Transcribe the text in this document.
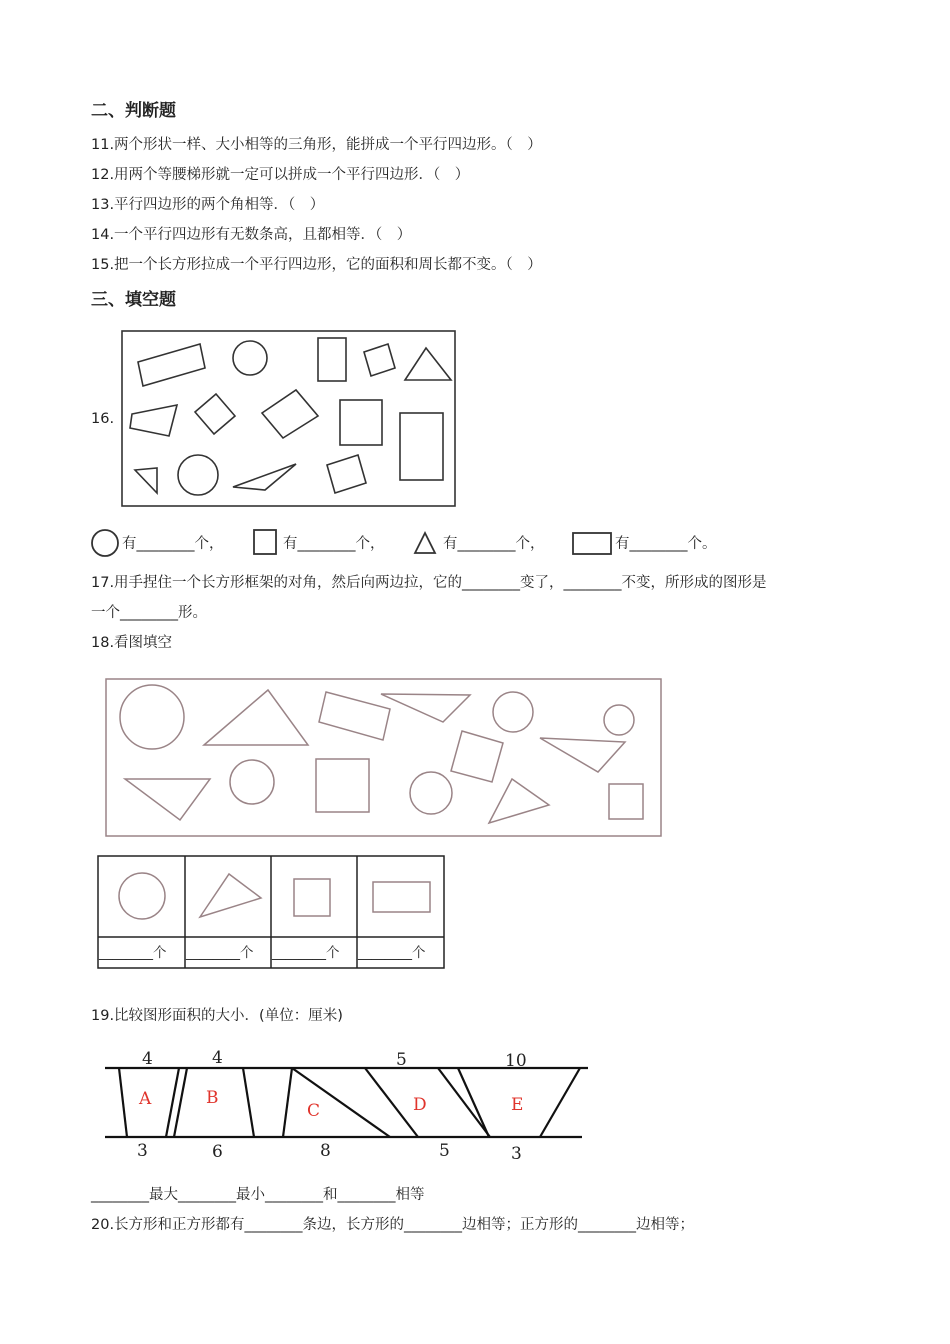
二、判断题
11.两个形状一样、大小相等的三角形，能拼成一个平行四边形。（　）
12.用两个等腰梯形就一定可以拼成一个平行四边形．（　）
13.平行四边形的两个角相等．（　）
14.一个平行四边形有无数条高，且都相等．（　）
15.把一个长方形拉成一个平行四边形，它的面积和周长都不变。（　）
三、填空题
16.
有________个，	有________个，	有________个，	有________个。
17.用手捏住一个长方形框架的对角，然后向两边拉，它的________变了，________不变，所形成的图形是
一个________形。
18.看图填空
________个 ________个 ________个 ________个
19.比较图形面积的大小．(单位：厘米)
A	B
C	D	E
4	4	5	10
3	6	8	5	3
________最大________最小________和________相等
20.长方形和正方形都有________条边，长方形的________边相等；正方形的________边相等；
